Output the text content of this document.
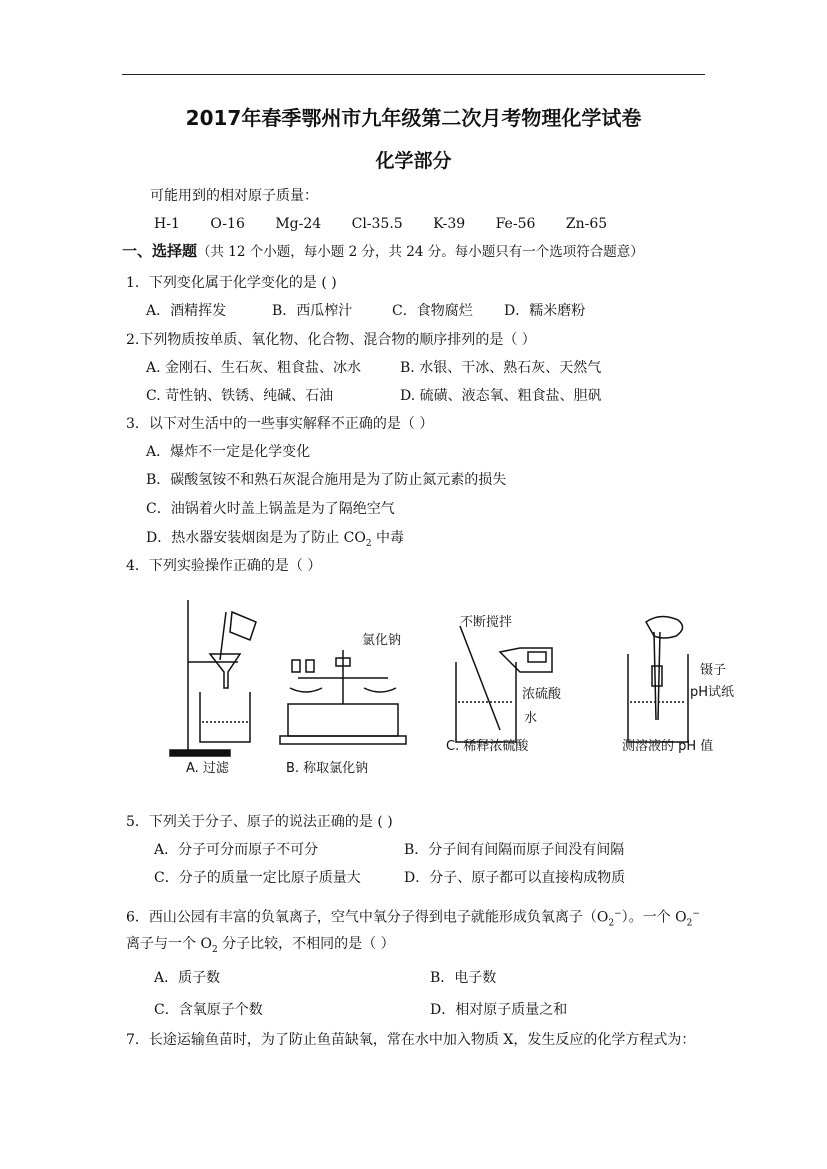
2017年春季鄂州市九年级第二次月考物理化学试卷
化学部分
可能用到的相对原子质量：
H-1 O-16 Mg-24 Cl-35.5 K-39 Fe-56 Zn-65
一、选择题（共 12 个小题，每小题 2 分，共 24 分。每小题只有一个选项符合题意）
1．下列变化属于化学变化的是 ( )
A．酒精挥发	B．西瓜榨汁	C．食物腐烂 D．糯米磨粉
2.下列物质按单质、氧化物、化合物、混合物的顺序排列的是（ ）
A. 金刚石、生石灰、粗食盐、冰水	B. 水银、干冰、熟石灰、天然气
C. 苛性钠、铁锈、纯碱、石油	D. 硫磺、液态氧、粗食盐、胆矾
3．以下对生活中的一些事实解释不正确的是（ ）
A．爆炸不一定是化学变化
B．碳酸氢铵不和熟石灰混合施用是为了防止氮元素的损失
C．油锅着火时盖上锅盖是为了隔绝空气
D．热水器安装烟囱是为了防止 $CO_2$ 中毒
4．下列实验操作正确的是（ ）
氯化钠
不断搅拌
浓硫酸
水
镊子
pH试纸
A. 过滤	B. 称取氯化钠
C. 稀释浓硫酸	测溶液的 pH 值
5．下列关于分子、原子的说法正确的是 ( )
A．分子可分而原子不可分	B．分子间有间隔而原子间没有间隔
C．分子的质量一定比原子质量大	D．分子、原子都可以直接构成物质
6．西山公园有丰富的负氧离子，空气中氧分子得到电子就能形成负氧离子$(O_2^-)$。一个 $O_2^-$
离子与一个 $O_2$ 分子比较，不相同的是（ ）
A．质子数	B．电子数
C．含氧原子个数	D．相对原子质量之和
7．长途运输鱼苗时，为了防止鱼苗缺氧，常在水中加入物质 X，发生反应的化学方程式为：
